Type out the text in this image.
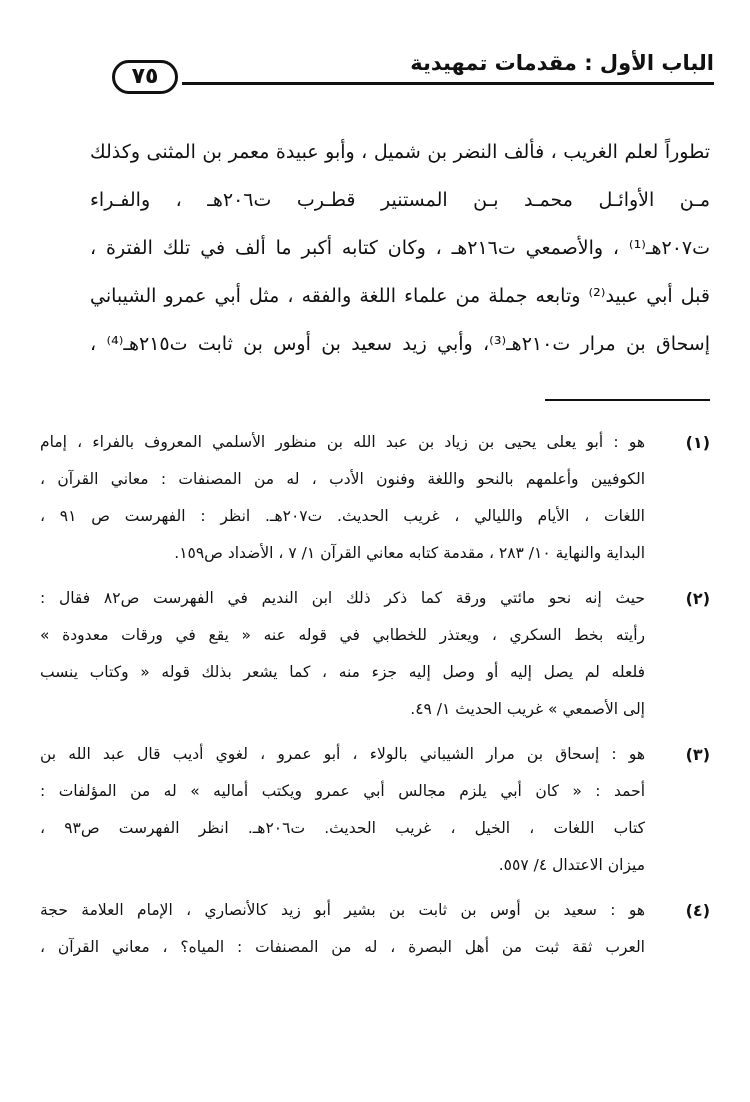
الباب الأول : مقدمات تمهيدية
٧٥
تطوراً لعلم الغريب ، فألف النضر بن شميل ، وأبو عبيدة معمر بن المثنى وكذلك
مـن الأوائـل محمـد بـن المستنير قطـرب ت٢٠٦هـ ، والفـراء
ت٢٠٧هـ⁽¹⁾ ، والأصمعي ت٢١٦هـ ، وكان كتابه أكبر ما ألف في تلك الفترة ،
قبل أبي عبيد⁽²⁾ وتابعه جملة من علماء اللغة والفقه ، مثل أبي عمرو الشيباني
إسحاق بن مرار ت٢١٠هـ⁽³⁾، وأبي زيد سعيد بن أوس بن ثابت ت٢١٥هـ⁽⁴⁾ ،
(١)
هو : أبو يعلى يحيى بن زياد بن عبد الله بن منظور الأسلمي المعروف بالفراء ، إمام
الكوفيين وأعلمهم بالنحو واللغة وفنون الأدب ، له من المصنفات : معاني القرآن ،
اللغات ، الأيام والليالي ، غريب الحديث. ت٢٠٧هـ. انظر : الفهرست ص ٩١ ،
البداية والنهاية ١٠/ ٢٨٣ ، مقدمة كتابه معاني القرآن ١/ ٧ ، الأضداد ص١٥٩.
(٢)
حيث إنه نحو مائتي ورقة كما ذكر ذلك ابن النديم في الفهرست ص٨٢ فقال :
رأيته بخط السكري ، ويعتذر للخطابي في قوله عنه « يقع في ورقات معدودة »
فلعله لم يصل إليه أو وصل إليه جزء منه ، كما يشعر بذلك قوله « وكتاب ينسب
إلى الأصمعي » غريب الحديث ١/ ٤٩.
(٣)
هو : إسحاق بن مرار الشيباني بالولاء ، أبو عمرو ، لغوي أديب قال عبد الله بن
أحمد : « كان أبي يلزم مجالس أبي عمرو ويكتب أماليه » له من المؤلفات :
كتاب اللغات ، الخيل ، غريب الحديث. ت٢٠٦هـ. انظر الفهرست ص٩٣ ،
ميزان الاعتدال ٤/ ٥٥٧.
(٤)
هو : سعيد بن أوس بن ثابت بن بشير أبو زيد كالأنصاري ، الإمام العلامة حجة
العرب ثقة ثبت من أهل البصرة ، له من المصنفات : المياه؟ ، معاني القرآن ،
